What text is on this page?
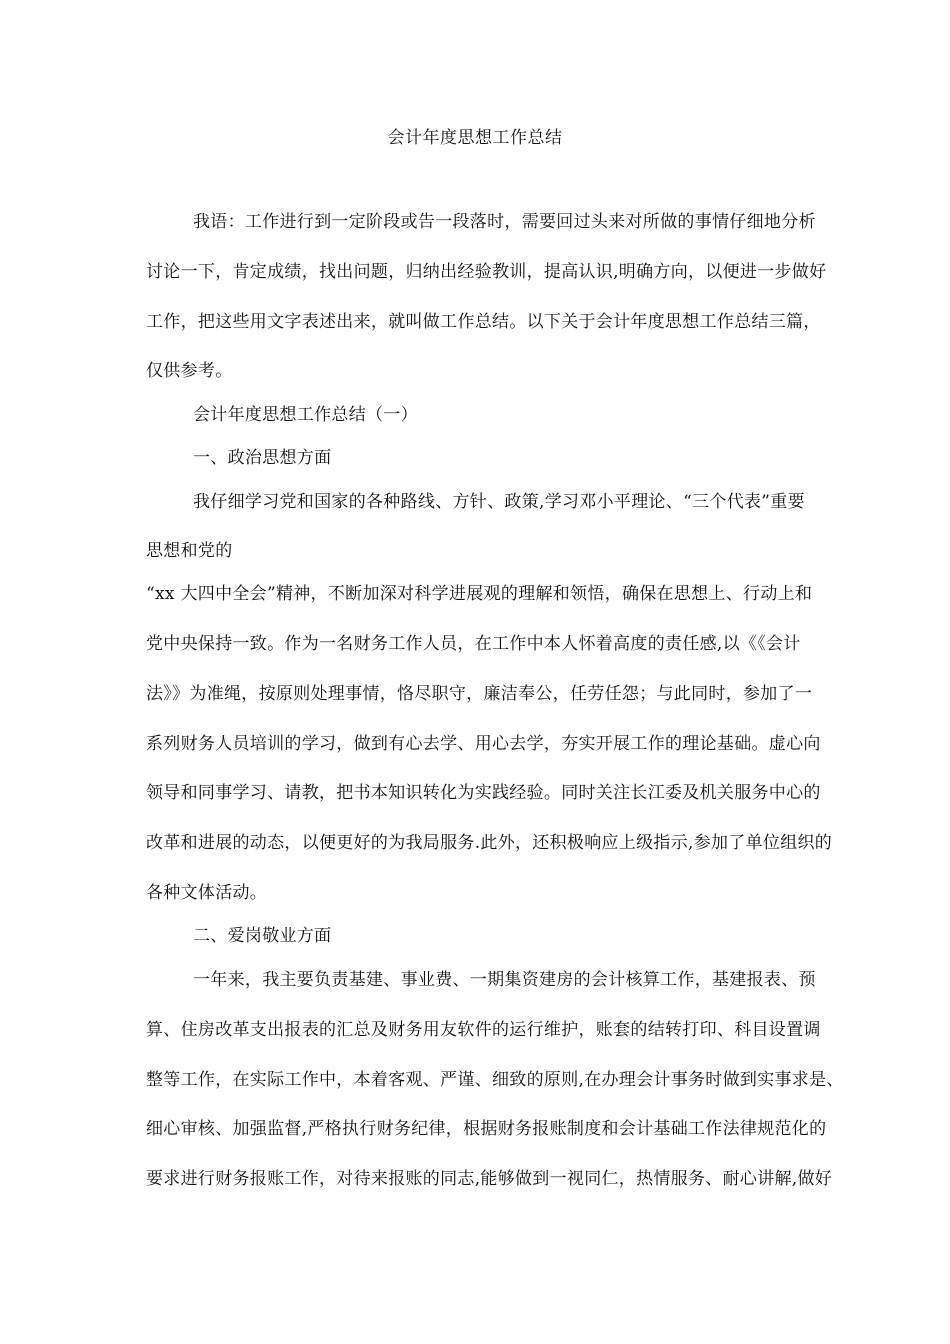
会计年度思想工作总结
我语：工作进行到一定阶段或告一段落时，需要回过头来对所做的事情仔细地分析
讨论一下，肯定成绩，找出问题，归纳出经验教训，提高认识,明确方向，以便进一步做好
工作，把这些用文字表述出来，就叫做工作总结。以下关于会计年度思想工作总结三篇，
仅供参考。
会计年度思想工作总结（一）
一、政治思想方面
我仔细学习党和国家的各种路线、方针、政策,学习邓小平理论、“三个代表”重要
思想和党的
“xx 大四中全会”精神，不断加深对科学进展观的理解和领悟，确保在思想上、行动上和
党中央保持一致。作为一名财务工作人员，在工作中本人怀着高度的责任感,以《《会计
法》》为准绳，按原则处理事情，恪尽职守，廉洁奉公，任劳任怨；与此同时，参加了一
系列财务人员培训的学习，做到有心去学、用心去学，夯实开展工作的理论基础。虚心向
领导和同事学习、请教，把书本知识转化为实践经验。同时关注长江委及机关服务中心的
改革和进展的动态，以便更好的为我局服务.此外，还积极响应上级指示,参加了单位组织的
各种文体活动。
二、爱岗敬业方面
一年来，我主要负责基建、事业费、一期集资建房的会计核算工作，基建报表、预
算、住房改革支出报表的汇总及财务用友软件的运行维护，账套的结转打印、科目设置调
整等工作，在实际工作中，本着客观、严谨、细致的原则,在办理会计事务时做到实事求是、
细心审核、加强监督,严格执行财务纪律，根据财务报账制度和会计基础工作法律规范化的
要求进行财务报账工作，对待来报账的同志,能够做到一视同仁，热情服务、耐心讲解,做好
